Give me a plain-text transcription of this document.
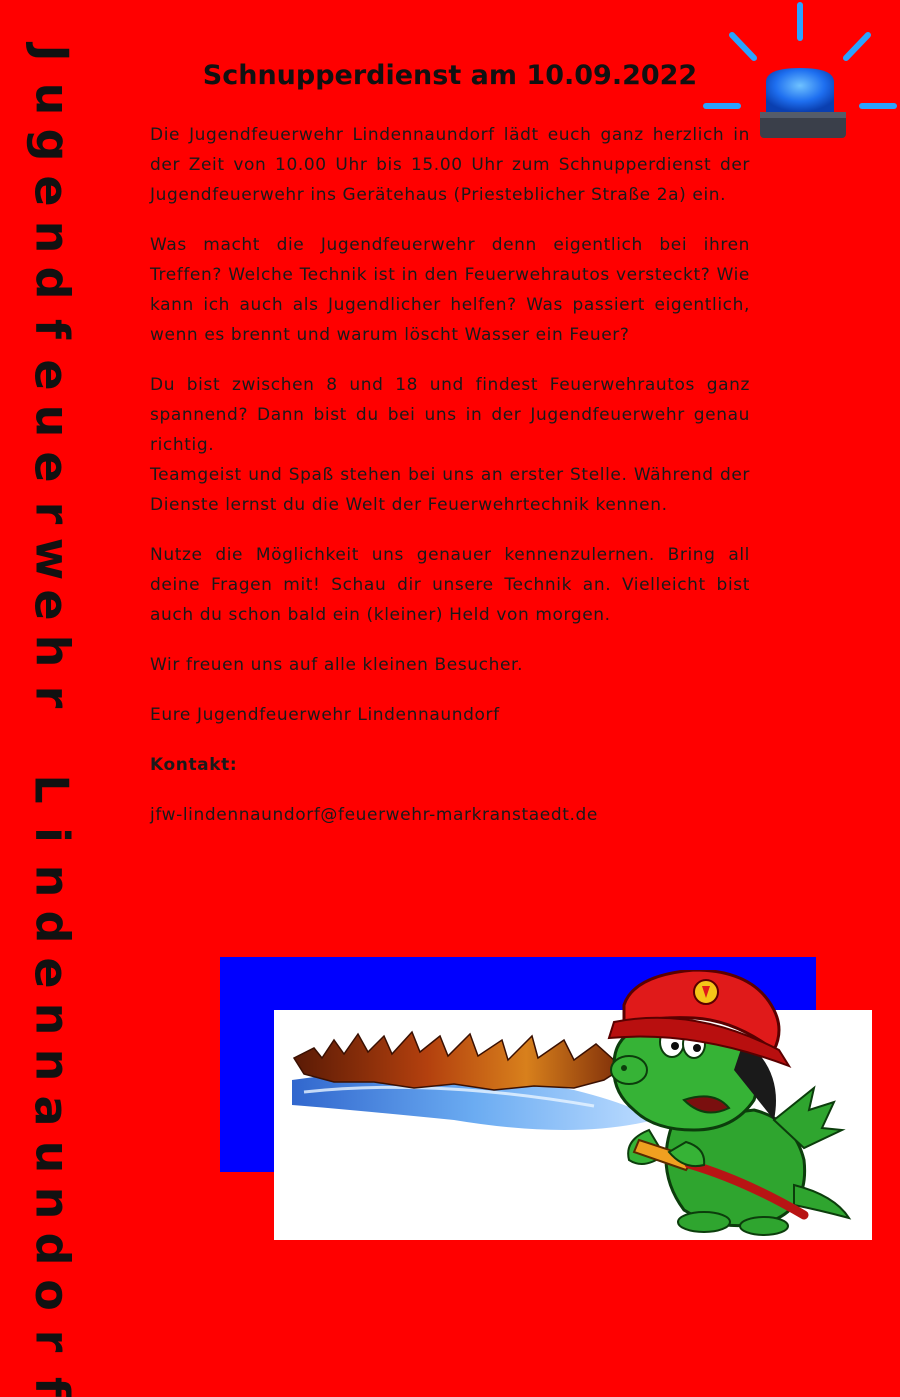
J
u
g
e
n
d
f
e
u
e
r
w
e
h
r

L
i
n
d
e
n
n
a
u
n
d
o
r
f
Schnupperdienst am 10.09.2022

Die Jugendfeuerwehr Lindennaundorf lädt euch ganz herzlich in der Zeit von 10.00 Uhr bis 15.00 Uhr zum Schnupperdienst der Jugendfeuerwehr ins Gerätehaus (Priesteblicher Straße 2a) ein.

Was macht die Jugendfeuerwehr denn eigentlich bei ihren Treffen? Welche Technik ist in den Feuerwehrautos versteckt? Wie kann ich auch als Jugendlicher helfen? Was passiert eigentlich, wenn es brennt und warum löscht Wasser ein Feuer?

Du bist zwischen 8 und 18 und findest Feuerwehrautos ganz spannend? Dann bist du bei uns in der Jugendfeuerwehr genau richtig.

Teamgeist und Spaß stehen bei uns an erster Stelle. Während der Dienste lernst du die Welt der Feuerwehrtechnik kennen.

Nutze die Möglichkeit uns genauer kennenzulernen. Bring all deine Fragen mit! Schau dir unsere Technik an. Vielleicht bist auch du schon bald ein (kleiner) Held von morgen.

Wir freuen uns auf alle kleinen Besucher.

Eure Jugendfeuerwehr Lindennaundorf

Kontakt:

jfw-lindennaundorf@feuerwehr-markranstaedt.de
